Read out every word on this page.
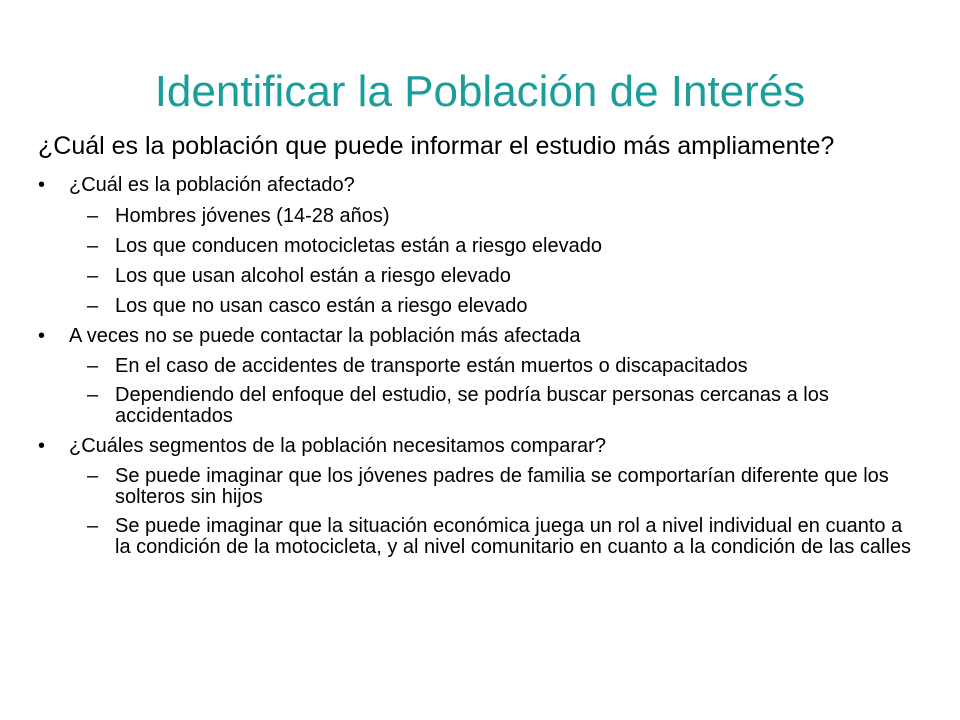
Identificar la Población de Interés
¿Cuál es la población que puede informar el estudio más ampliamente?
•	¿Cuál es la población afectado?
– Hombres jóvenes (14-28 años)
– Los que conducen motocicletas están a riesgo elevado
– Los que usan alcohol están a riesgo elevado
– Los que no usan casco están a riesgo elevado
•	A veces no se puede contactar la población más afectada
– En el caso de accidentes de transporte están muertos o discapacitados
– Dependiendo del enfoque del estudio, se podría buscar personas cercanas a los accidentados
•	¿Cuáles segmentos de la población necesitamos comparar?
– Se puede imaginar que los jóvenes padres de familia se comportarían diferente que los solteros sin hijos
– Se puede imaginar que la situación económica juega un rol a nivel individual en cuanto a la condición de la motocicleta, y al nivel comunitario en cuanto a la condición de las calles
